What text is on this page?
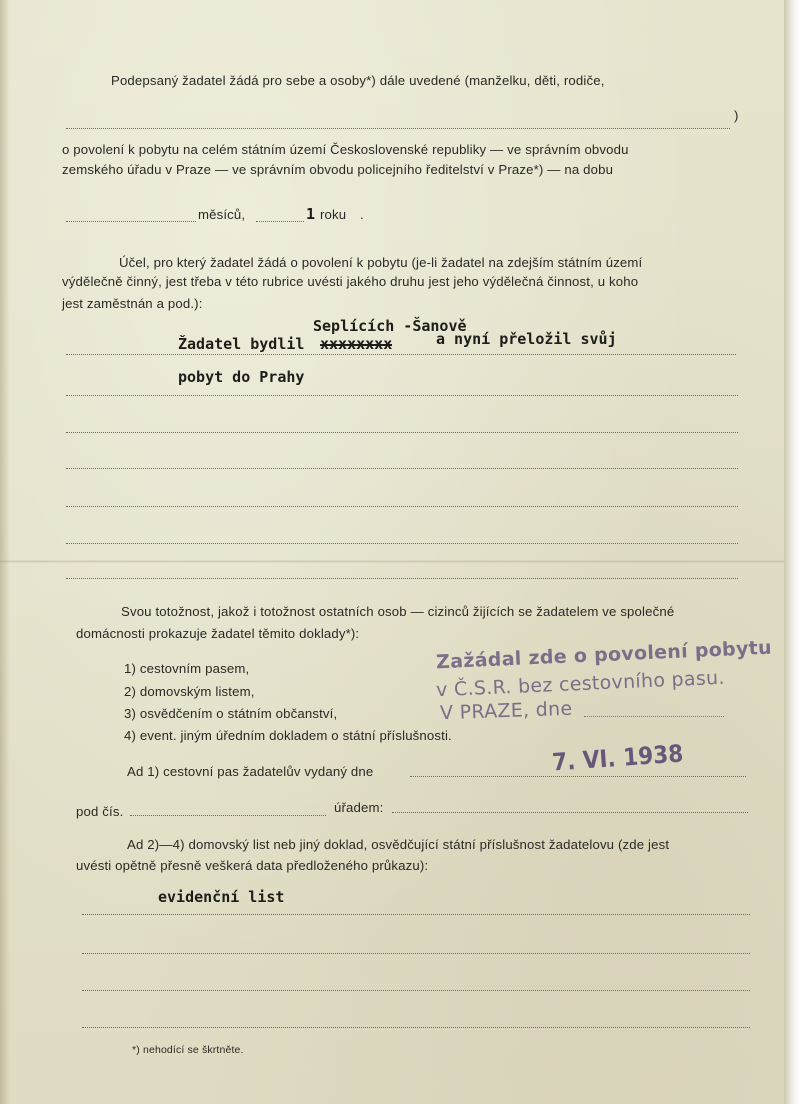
Podepsaný žadatel žádá pro sebe a osoby*) dále uvedené (manželku, děti, rodiče,
)
o povolení k pobytu na celém státním území Československé republiky — ve správním obvodu
zemského úřadu v Praze — ve správním obvodu policejního ředitelství v Praze*) — na dobu
měsíců,	1 roku .
Účel, pro který žadatel žádá o povolení k pobytu (je-li žadatel na zdejším státním území
výdělečně činný, jest třeba v této rubrice uvésti jakého druhu jest jeho výdělečná činnost, u koho
jest zaměstnán a pod.):
Seplících -Šanově
Žadatel bydlil xxxxxxxx	a nyní přeložil svůj
pobyt do Prahy
Svou totožnost, jakož i totožnost ostatních osob — cizinců žijících se žadatelem ve společné
domácnosti prokazuje žadatel těmito doklady*):
1) cestovním pasem,
2) domovským listem,
3) osvědčením o státním občanství,
4) event. jiným úředním dokladem o státní příslušnosti.
Zažádal zde o povolení pobytu
v Č.S.R. bez cestovního pasu.
V PRAZE, dne
7. VI. 1938
Ad 1) cestovní pas žadatelův vydaný dne
pod čís.	úřadem:
Ad 2)—4) domovský list neb jiný doklad, osvědčující státní příslušnost žadatelovu (zde jest
uvésti opětně přesně veškerá data předloženého průkazu):
evidenční list
*) nehodící se škrtněte.
